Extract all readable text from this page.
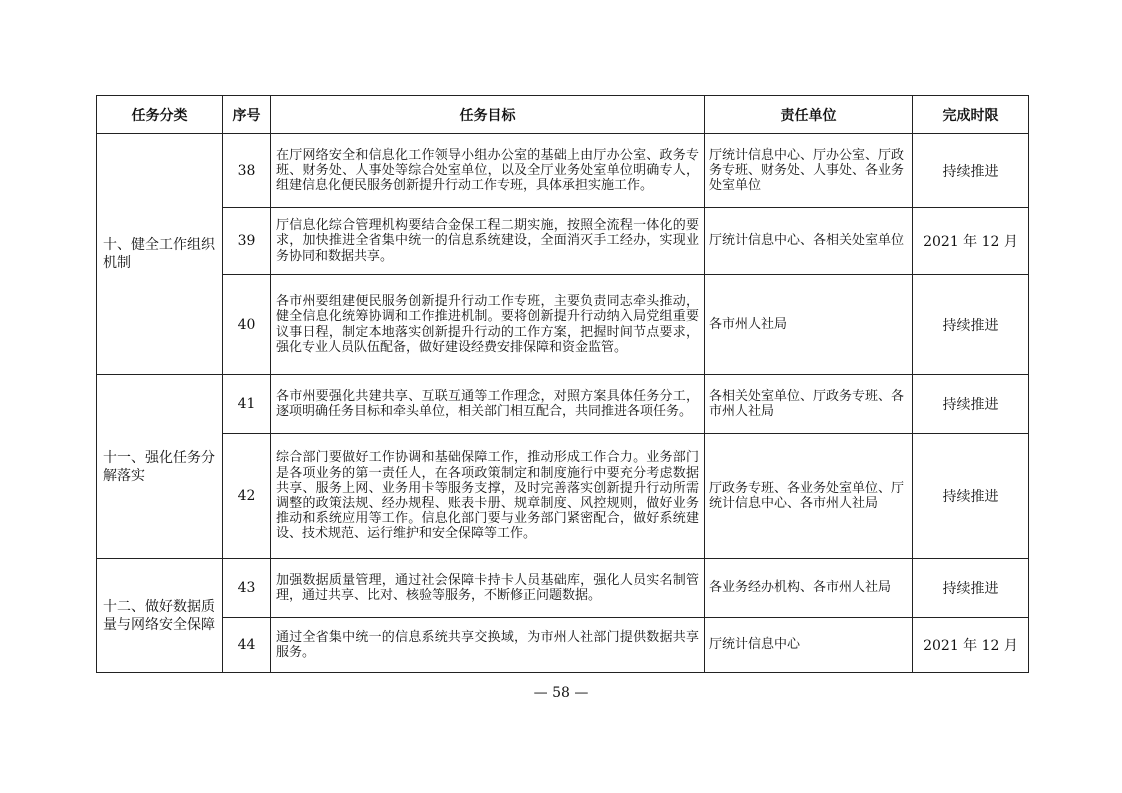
任务分类	序号	任务目标	责任单位	完成时限
十、健全工作组织机制	38	在厅网络安全和信息化工作领导小组办公室的基础上由厅办公室、政务专班、财务处、人事处等综合处室单位，以及全厅业务处室单位明确专人，组建信息化便民服务创新提升行动工作专班，具体承担实施工作。	厅统计信息中心、厅办公室、厅政务专班、财务处、人事处、各业务处室单位	持续推进
	39	厅信息化综合管理机构要结合金保工程二期实施，按照全流程一体化的要求，加快推进全省集中统一的信息系统建设，全面消灭手工经办，实现业务协同和数据共享。	厅统计信息中心、各相关处室单位	2021 年 12 月
	40	各市州要组建便民服务创新提升行动工作专班，主要负责同志牵头推动，健全信息化统筹协调和工作推进机制。要将创新提升行动纳入局党组重要议事日程，制定本地落实创新提升行动的工作方案，把握时间节点要求，强化专业人员队伍配备，做好建设经费安排保障和资金监管。	各市州人社局	持续推进
十一、强化任务分解落实	41	各市州要强化共建共享、互联互通等工作理念，对照方案具体任务分工，逐项明确任务目标和牵头单位，相关部门相互配合，共同推进各项任务。	各相关处室单位、厅政务专班、各市州人社局	持续推进
	42	综合部门要做好工作协调和基础保障工作，推动形成工作合力。业务部门是各项业务的第一责任人，在各项政策制定和制度施行中要充分考虑数据共享、服务上网、业务用卡等服务支撑，及时完善落实创新提升行动所需调整的政策法规、经办规程、账表卡册、规章制度、风控规则，做好业务推动和系统应用等工作。信息化部门要与业务部门紧密配合，做好系统建设、技术规范、运行维护和安全保障等工作。	厅政务专班、各业务处室单位、厅统计信息中心、各市州人社局	持续推进
十二、做好数据质量与网络安全保障	43	加强数据质量管理，通过社会保障卡持卡人员基础库，强化人员实名制管理，通过共享、比对、核验等服务，不断修正问题数据。	各业务经办机构、各市州人社局	持续推进
	44	通过全省集中统一的信息系统共享交换域，为市州人社部门提供数据共享服务。	厅统计信息中心	2021 年 12 月
— 58 —
